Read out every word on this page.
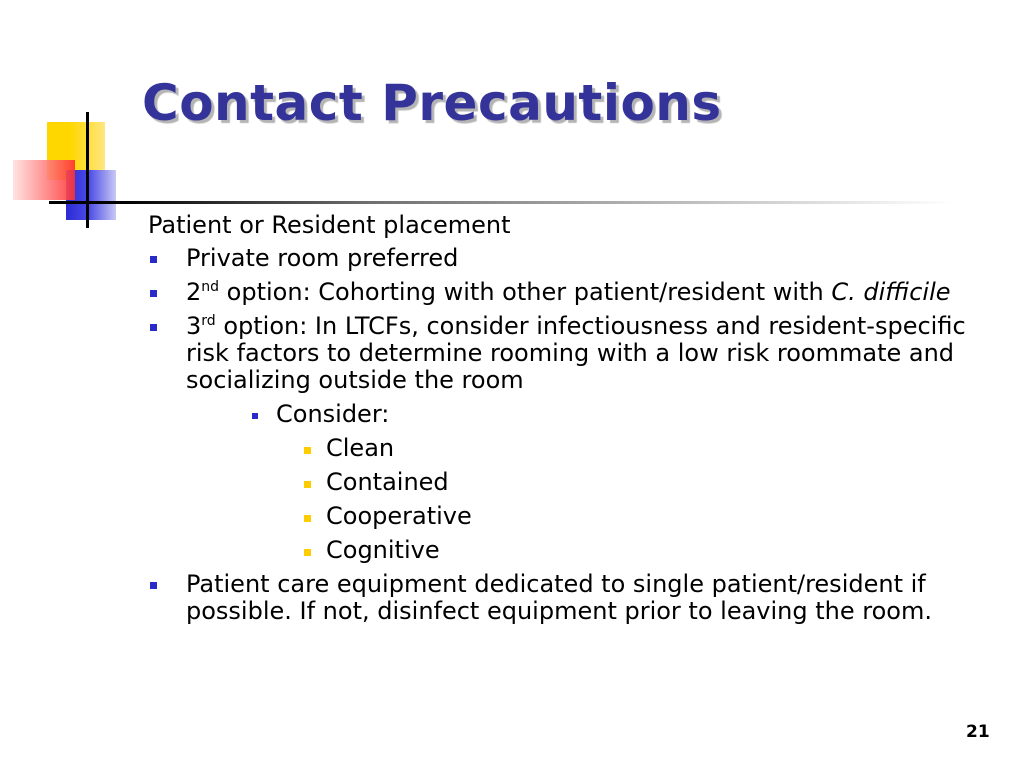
Contact Precautions

Patient or Resident placement

Private room preferred
2nd option: Cohorting with other patient/resident with C. difficile
3rd option: In LTCFs, consider infectiousness and resident-specific risk factors to determine rooming with a low risk roommate and socializing outside the room
Consider:
Clean
Contained
Cooperative
Cognitive
Patient care equipment dedicated to single patient/resident if possible. If not, disinfect equipment prior to leaving the room.
21
